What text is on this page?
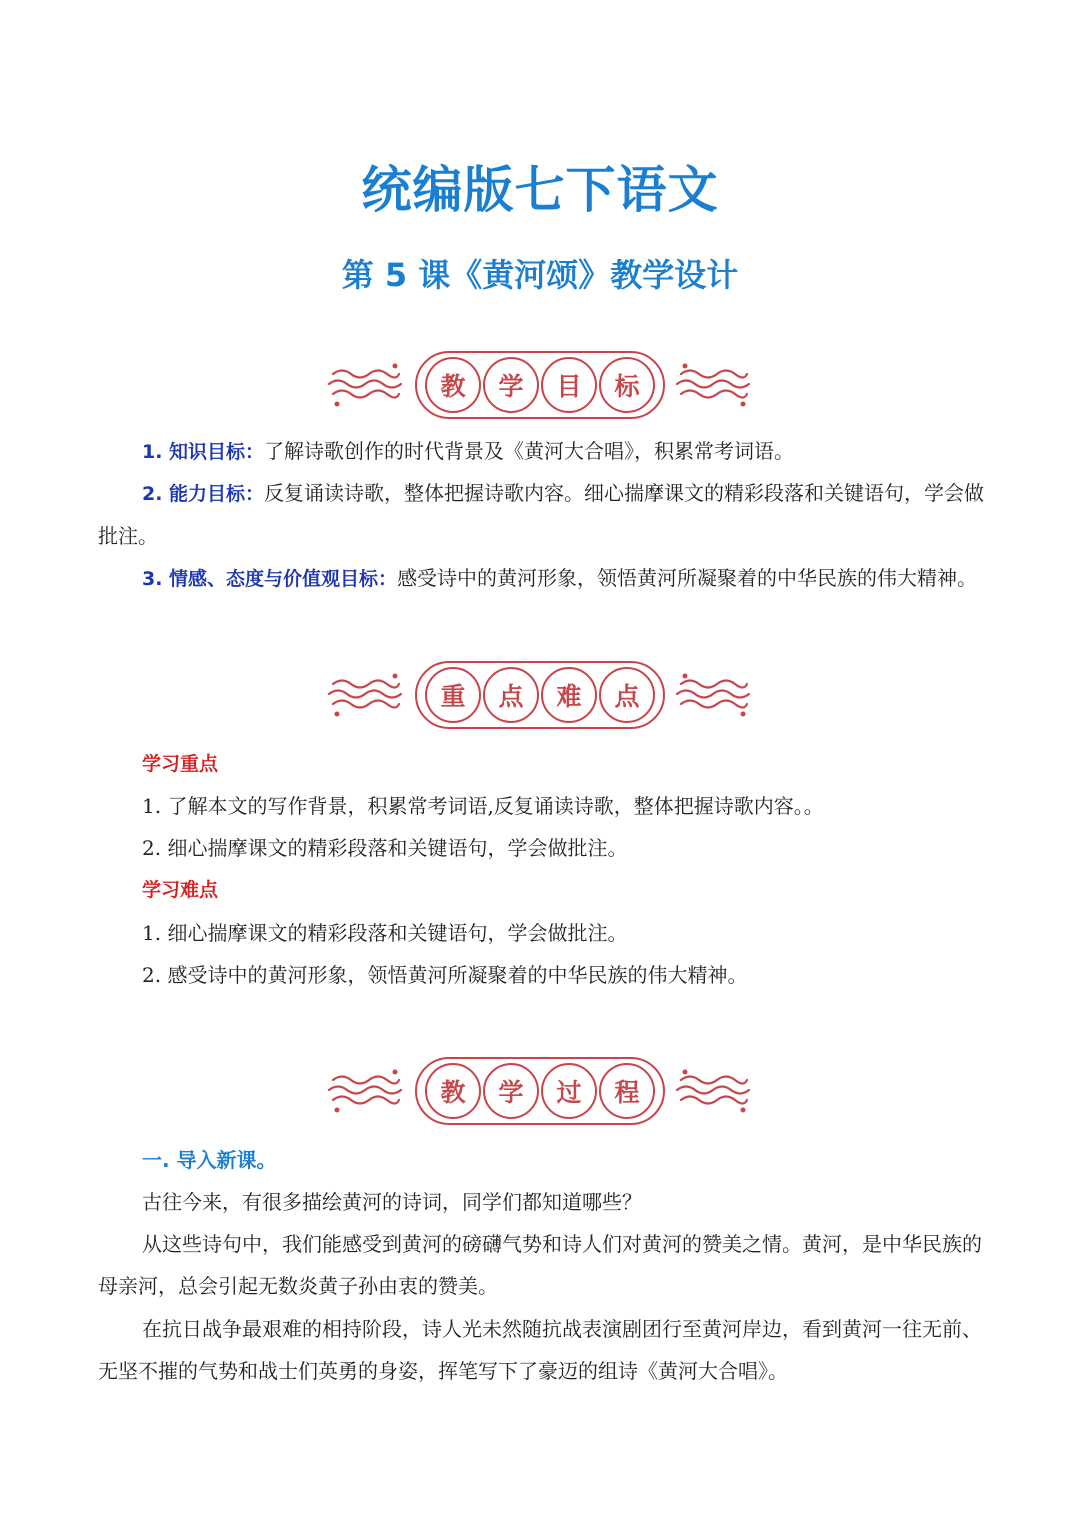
统编版七下语文
第 5 课《黄河颂》教学设计
教	学	目	标

1. 知识目标：了解诗歌创作的时代背景及《黄河大合唱》，积累常考词语。

2. 能力目标：反复诵读诗歌，整体把握诗歌内容。细心揣摩课文的精彩段落和关键语句，学会做批注。

3. 情感、态度与价值观目标：感受诗中的黄河形象，领悟黄河所凝聚着的中华民族的伟大精神。

重	点	难	点

学习重点

1. 了解本文的写作背景，积累常考词语,反复诵读诗歌，整体把握诗歌内容。。

2. 细心揣摩课文的精彩段落和关键语句，学会做批注。

学习难点

1. 细心揣摩课文的精彩段落和关键语句，学会做批注。

2. 感受诗中的黄河形象，领悟黄河所凝聚着的中华民族的伟大精神。

教	学	过	程

一. 导入新课。

古往今来，有很多描绘黄河的诗词，同学们都知道哪些？

从这些诗句中，我们能感受到黄河的磅礴气势和诗人们对黄河的赞美之情。黄河，是中华民族的母亲河，总会引起无数炎黄子孙由衷的赞美。

在抗日战争最艰难的相持阶段，诗人光未然随抗战表演剧团行至黄河岸边，看到黄河一往无前、无坚不摧的气势和战士们英勇的身姿，挥笔写下了豪迈的组诗《黄河大合唱》。
